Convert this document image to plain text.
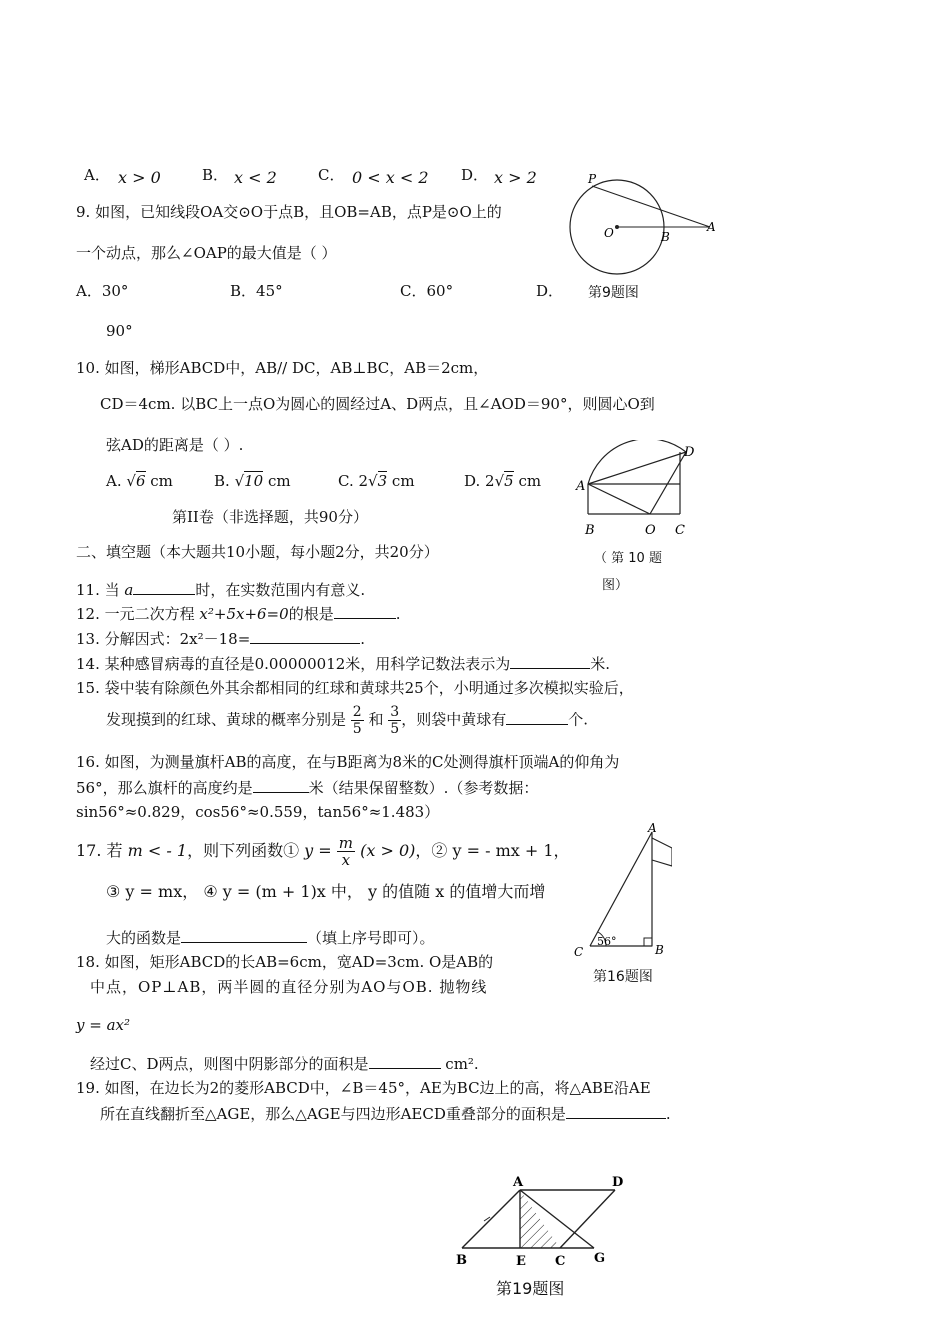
A． x > 0	B． x < 2	C． 0 < x < 2 D． x > 2
9. 如图，已知线段OA交⊙O于点B，且OB=AB，点P是⊙O上的
一个动点，那么∠OAP的最大值是（ ）
A．30°	B．45°	C．60°	D．
90°
P
O	B
A
第9题图
10. 如图，梯形ABCD中，AB// DC，AB⊥BC，AB＝2cm，
CD＝4cm. 以BC上一点O为圆心的圆经过A、D两点，且∠AOD＝90°，则圆心O到
弦AD的距离是（ ）.
A. √6 cm	B. √10 cm	C. 2√3 cm	D. 2√5 cm	A
D
B	O C
（ 第 10 题
图）
第II卷（非选择题，共90分）
二、填空题（本大题共10小题，每小题2分，共20分）
11. 当 a	时，在实数范围内有意义.
12. 一元二次方程 x²+5x+6=0的根是	.
13. 分解因式：2x²－18=	.
14. 某种感冒病毒的直径是0.00000012米，用科学记数法表示为	米.
15. 袋中装有除颜色外其余都相同的红球和黄球共25个，小明通过多次模拟实验后，
发现摸到的红球、黄球的概率分别是 $\frac{2}{5}$ 和 $\frac{3}{5}$ ，则袋中黄球有	个.
16. 如图，为测量旗杆AB的高度，在与B距离为8米的C处测得旗杆顶端A的仰角为
56°，那么旗杆的高度约是	米（结果保留整数）.（参考数据：
sin56°≈0.829，cos56°≈0.559，tan56°≈1.483）
A
B
C
56°
第16题图
17. 若 m < - 1，则下列函数① $y = \frac{m}{x} (x > 0)$，② y = - mx + 1，
③ y = mx， ④ y = (m + 1)x 中， y 的值随 x 的值增大而增
大的函数是	（填上序号即可）。
18. 如图，矩形ABCD的长AB=6cm，宽AD=3cm. O是AB的
中点，OP⊥AB，两半圆的直径分别为AO与OB. 抛物线
y = ax²
经过C、D两点，则图中阴影部分的面积是	cm².
19. 如图，在边长为2的菱形ABCD中，∠B＝45°，AE为BC边上的高，将△ABE沿AE
所在直线翻折至△AGE，那么△AGE与四边形AECD重叠部分的面积是	.
A	D
B	E C G
第19题图
